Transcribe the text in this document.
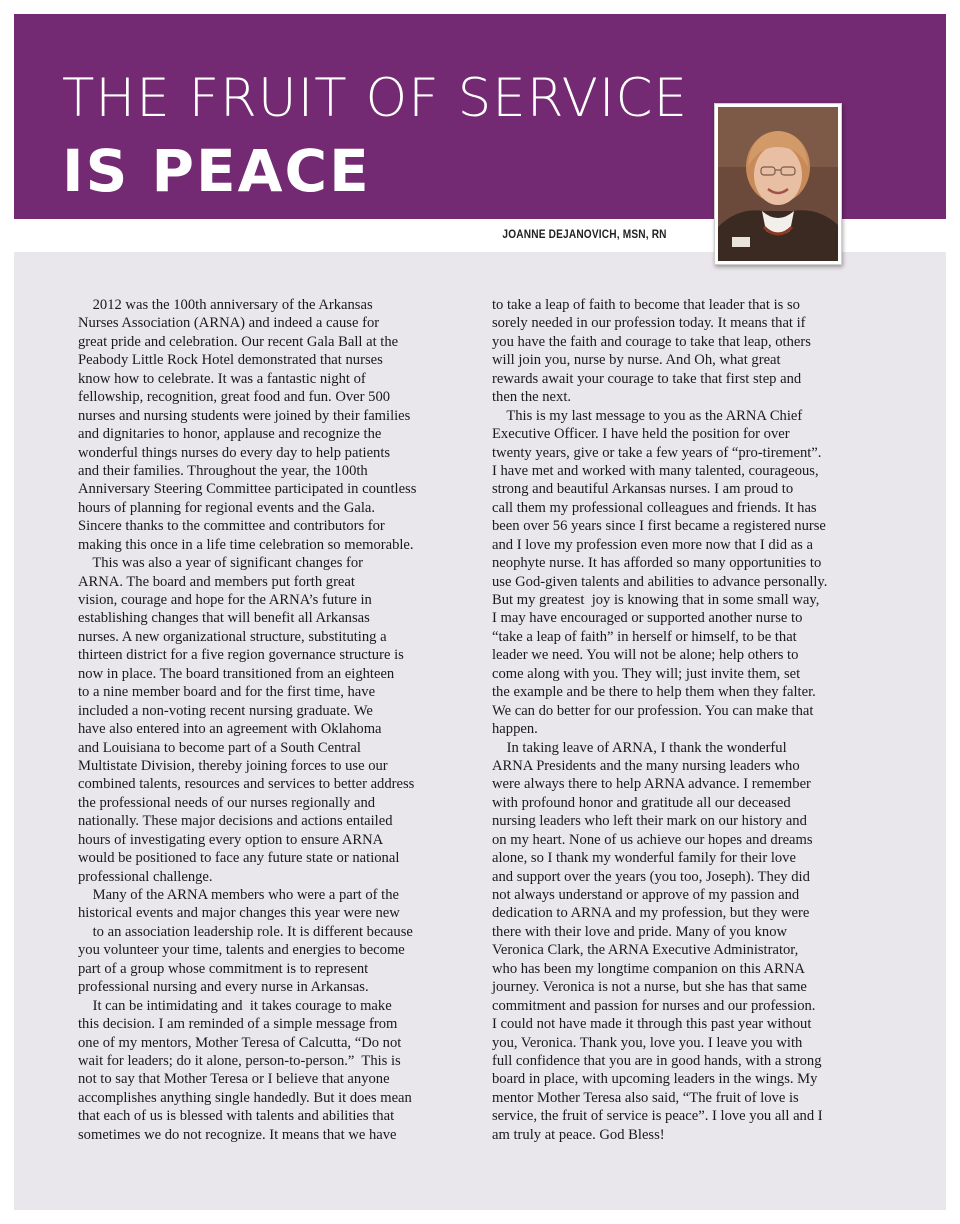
THE FRUIT OF SERVICE
IS PEACE
JOANNE DEJANOVICH, MSN, RN
2012 was the 100th anniversary of the Arkansas
Nurses Association (ARNA) and indeed a cause for
great pride and celebration. Our recent Gala Ball at the
Peabody Little Rock Hotel demonstrated that nurses
know how to celebrate. It was a fantastic night of
fellowship, recognition, great food and fun. Over 500
nurses and nursing students were joined by their families
and dignitaries to honor, applause and recognize the
wonderful things nurses do every day to help patients
and their families. Throughout the year, the 100th
Anniversary Steering Committee participated in countless
hours of planning for regional events and the Gala.
Sincere thanks to the committee and contributors for
making this once in a life time celebration so memorable.
This was also a year of significant changes for
ARNA. The board and members put forth great
vision, courage and hope for the ARNA’s future in
establishing changes that will benefit all Arkansas
nurses. A new organizational structure, substituting a
thirteen district for a five region governance structure is
now in place. The board transitioned from an eighteen
to a nine member board and for the first time, have
included a non-voting recent nursing graduate. We
have also entered into an agreement with Oklahoma
and Louisiana to become part of a South Central
Multistate Division, thereby joining forces to use our
combined talents, resources and services to better address
the professional needs of our nurses regionally and
nationally. These major decisions and actions entailed
hours of investigating every option to ensure ARNA
would be positioned to face any future state or national
professional challenge.
Many of the ARNA members who were a part of the
historical events and major changes this year were new
to an association leadership role. It is different because
you volunteer your time, talents and energies to become
part of a group whose commitment is to represent
professional nursing and every nurse in Arkansas.
It can be intimidating and  it takes courage to make
this decision. I am reminded of a simple message from
one of my mentors, Mother Teresa of Calcutta, “Do not
wait for leaders; do it alone, person-to-person.”  This is
not to say that Mother Teresa or I believe that anyone
accomplishes anything single handedly. But it does mean
that each of us is blessed with talents and abilities that
sometimes we do not recognize. It means that we have
to take a leap of faith to become that leader that is so
sorely needed in our profession today. It means that if
you have the faith and courage to take that leap, others
will join you, nurse by nurse. And Oh, what great
rewards await your courage to take that first step and
then the next.
This is my last message to you as the ARNA Chief
Executive Officer. I have held the position for over
twenty years, give or take a few years of “pro-tirement”.
I have met and worked with many talented, courageous,
strong and beautiful Arkansas nurses. I am proud to
call them my professional colleagues and friends. It has
been over 56 years since I first became a registered nurse
and I love my profession even more now that I did as a
neophyte nurse. It has afforded so many opportunities to
use God-given talents and abilities to advance personally.
But my greatest  joy is knowing that in some small way,
I may have encouraged or supported another nurse to
“take a leap of faith” in herself or himself, to be that
leader we need. You will not be alone; help others to
come along with you. They will; just invite them, set
the example and be there to help them when they falter.
We can do better for our profession. You can make that
happen.
In taking leave of ARNA, I thank the wonderful
ARNA Presidents and the many nursing leaders who
were always there to help ARNA advance. I remember
with profound honor and gratitude all our deceased
nursing leaders who left their mark on our history and
on my heart. None of us achieve our hopes and dreams
alone, so I thank my wonderful family for their love
and support over the years (you too, Joseph). They did
not always understand or approve of my passion and
dedication to ARNA and my profession, but they were
there with their love and pride. Many of you know
Veronica Clark, the ARNA Executive Administrator,
who has been my longtime companion on this ARNA
journey. Veronica is not a nurse, but she has that same
commitment and passion for nurses and our profession.
I could not have made it through this past year without
you, Veronica. Thank you, love you. I leave you with
full confidence that you are in good hands, with a strong
board in place, with upcoming leaders in the wings. My
mentor Mother Teresa also said, “The fruit of love is
service, the fruit of service is peace”. I love you all and I
am truly at peace. God Bless!
